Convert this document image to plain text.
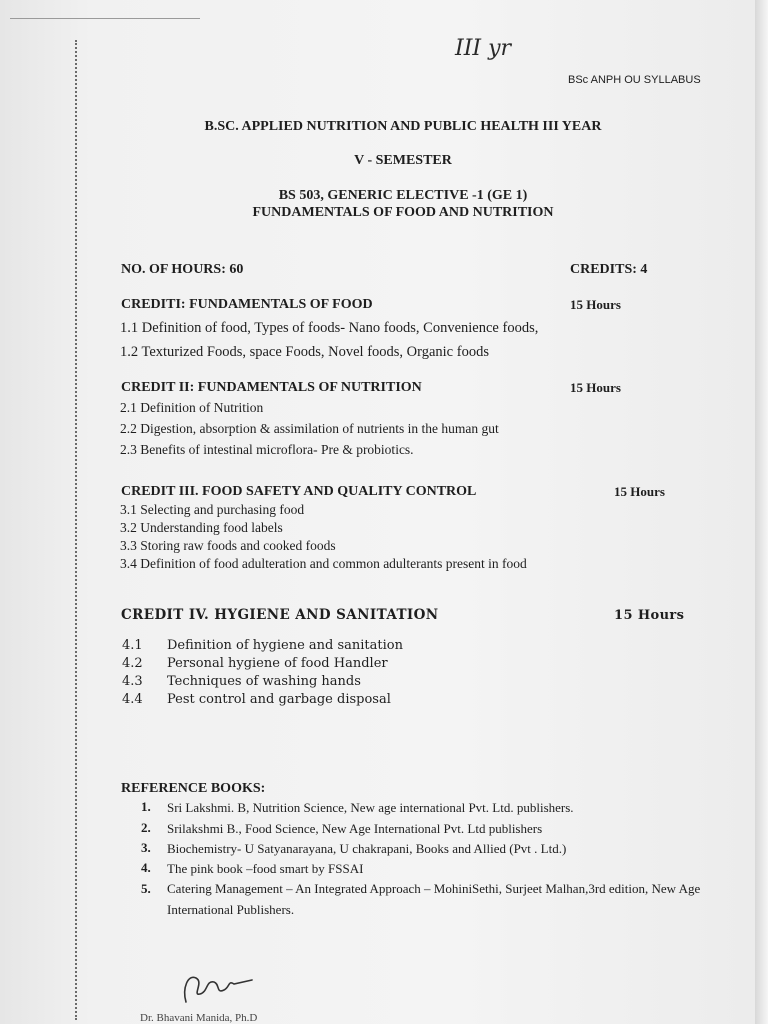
III yr
BSc ANPH OU SYLLABUS
B.SC. APPLIED NUTRITION AND PUBLIC HEALTH III YEAR
V - SEMESTER
BS 503, GENERIC ELECTIVE -1 (GE 1)
FUNDAMENTALS OF FOOD AND NUTRITION
NO. OF HOURS: 60	CREDITS: 4
CREDITI: FUNDAMENTALS OF FOOD	15 Hours
1.1 Definition of food, Types of foods- Nano foods, Convenience foods,
1.2 Texturized Foods, space Foods, Novel foods, Organic foods
CREDIT II: FUNDAMENTALS OF NUTRITION	15 Hours
2.1 Definition of Nutrition
2.2 Digestion, absorption & assimilation of nutrients in the human gut
2.3 Benefits of intestinal microflora- Pre & probiotics.
CREDIT III. FOOD SAFETY AND QUALITY CONTROL	15 Hours
3.1 Selecting and purchasing food
3.2 Understanding food labels
3.3 Storing raw foods and cooked foods
3.4 Definition of food adulteration and common adulterants present in food
CREDIT IV. HYGIENE AND SANITATION	15 Hours
4.1 Definition of hygiene and sanitation
4.2 Personal hygiene of food Handler
4.3 Techniques of washing hands
4.4 Pest control and garbage disposal
REFERENCE BOOKS:
1. Sri Lakshmi. B, Nutrition Science, New age international Pvt. Ltd. publishers.
2. Srilakshmi B., Food Science, New Age International Pvt. Ltd publishers
3. Biochemistry- U Satyanarayana, U chakrapani, Books and Allied (Pvt . Ltd.)
4. The pink book –food smart by FSSAI
5. Catering Management – An Integrated Approach – MohiniSethi, Surjeet Malhan,3rd edition, New Age International Publishers.
Dr. Bhavani Manida, Ph.D
